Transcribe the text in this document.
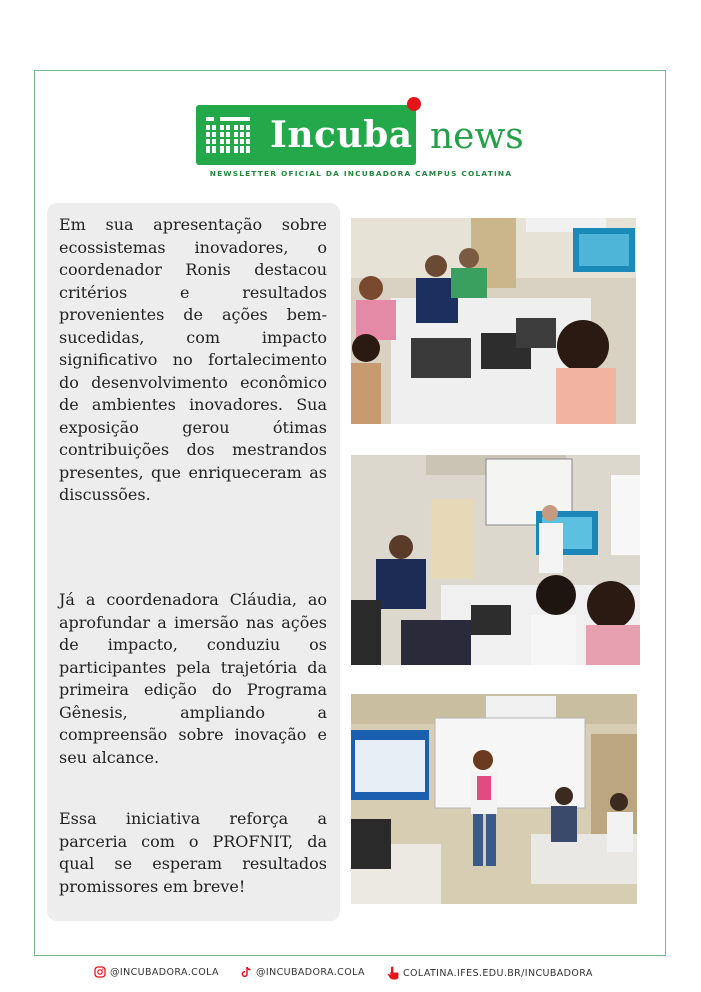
Incuba news
NEWSLETTER OFICIAL DA INCUBADORA CAMPUS COLATINA

Em sua apresentação sobre ecossistemas inovadores, o coordenador Ronis destacou critérios e resultados provenientes de ações bem-sucedidas, com impacto significativo no fortalecimento do desenvolvimento econômico de ambientes inovadores. Sua exposição gerou ótimas contribuições dos mestrandos presentes, que enriqueceram as discussões.

Já a coordenadora Cláudia, ao aprofundar a imersão nas ações de impacto, conduziu os participantes pela trajetória da primeira edição do Programa Gênesis, ampliando a compreensão sobre inovação e seu alcance.

Essa iniciativa reforça a parceria com o PROFNIT, da qual se esperam resultados promissores em breve!

@INCUBADORA.COLA	@INCUBADORA.COLA	COLATINA.IFES.EDU.BR/INCUBADORA
